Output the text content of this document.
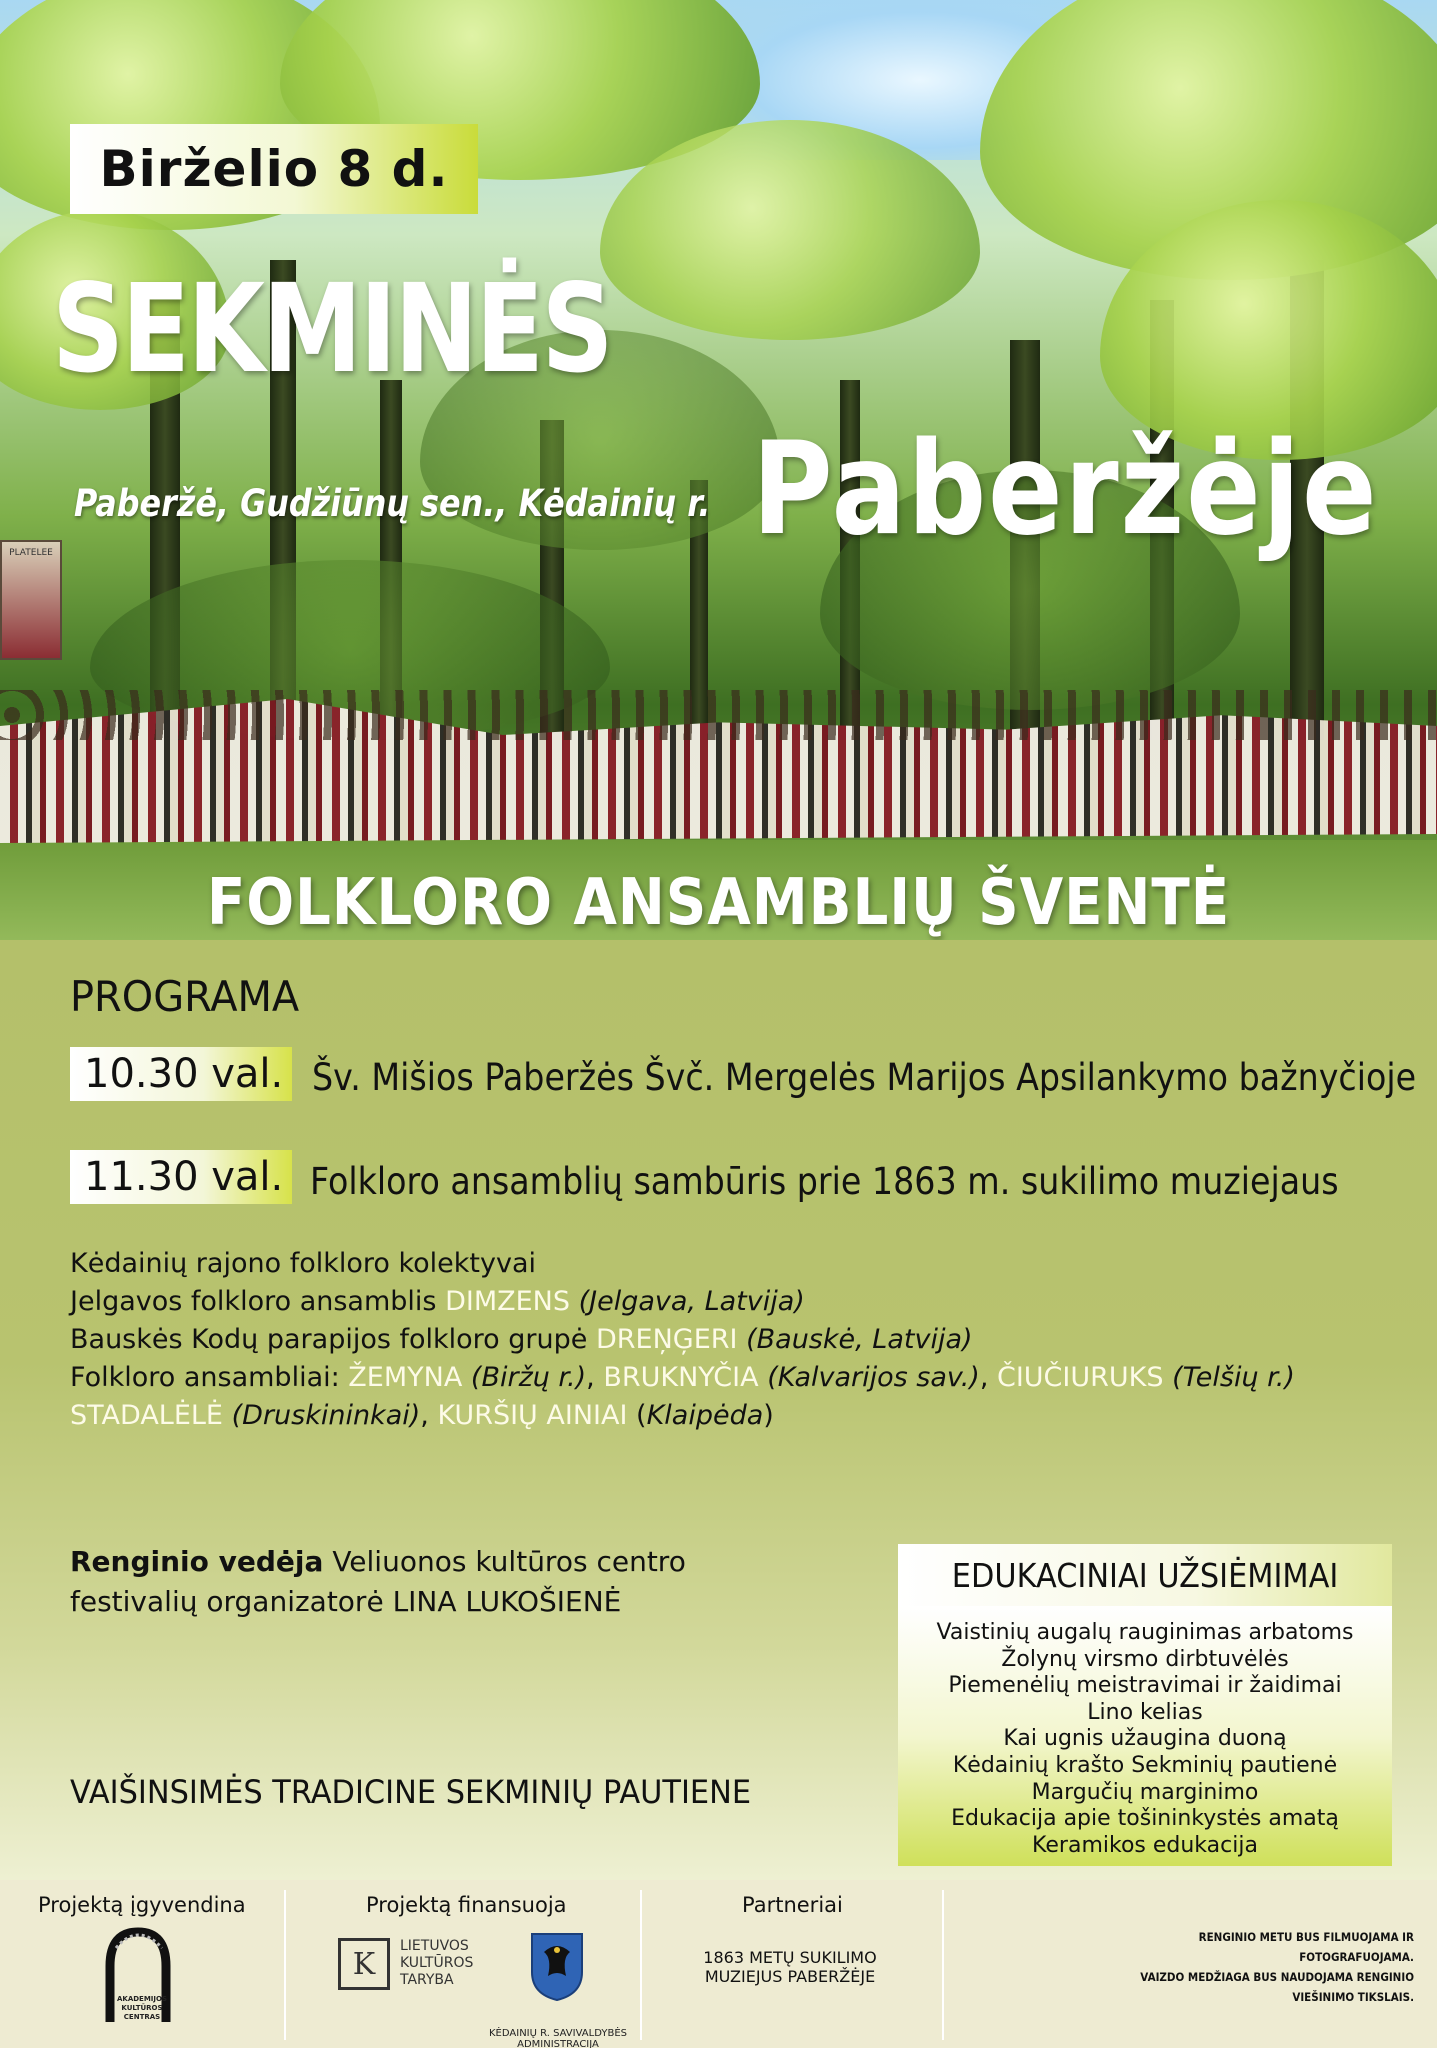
PLATELEE
Birželio 8 d.
SEKMINĖS
Paberžė, Gudžiūnų sen., Kėdainių r. Paberžėje
FOLKLORO ANSAMBLIŲ ŠVENTĖ
PROGRAMA
10.30 val. Šv. Mišios Paberžės Švč. Mergelės Marijos Apsilankymo bažnyčioje
11.30 val. Folkloro ansamblių sambūris prie 1863 m. sukilimo muziejaus
Kėdainių rajono folkloro kolektyvai
Jelgavos folkloro ansamblis DIMZENS (Jelgava, Latvija)
Bauskės Kodų parapijos folkloro grupė DREŅĢERI (Bauskė, Latvija)
Folkloro ansambliai: ŽEMYNA (Biržų r.), BRUKNYČIA (Kalvarijos sav.), ČIUČIURUKS (Telšių r.)
STADALĖLĖ (Druskininkai), KURŠIŲ AINIAI (Klaipėda)
Renginio vedėja Veliuonos kultūros centro
festivalių organizatorė LINA LUKOŠIENĖ
VAIŠINSIMĖS TRADICINE SEKMINIŲ PAUTIENE
EDUKACINIAI UŽSIĖMIMAI
Vaistinių augalų rauginimas arbatoms
Žolynų virsmo dirbtuvėlės
Piemenėlių meistravimai ir žaidimai
Lino kelias
Kai ugnis užaugina duoną
Kėdainių krašto Sekminių pautienė
Margučių marginimo
Edukacija apie tošininkystės amatą
Keramikos edukacija
Projektą įgyvendina
AKADEMIJOS KULTŪROS CENTRAS
Projektą finansuoja
K
LIETUVOS
KULTŪROS
TARYBA
KĖDAINIŲ R. SAVIVALDYBĖS
ADMINISTRACIJA
Partneriai
1863 METŲ SUKILIMO
MUZIEJUS PABERŽĖJE
RENGINIO METU BUS FILMUOJAMA IR FOTOGRAFUOJAMA.
VAIZDO MEDŽIAGA BUS NAUDOJAMA RENGINIO VIEŠINIMO TIKSLAIS.
